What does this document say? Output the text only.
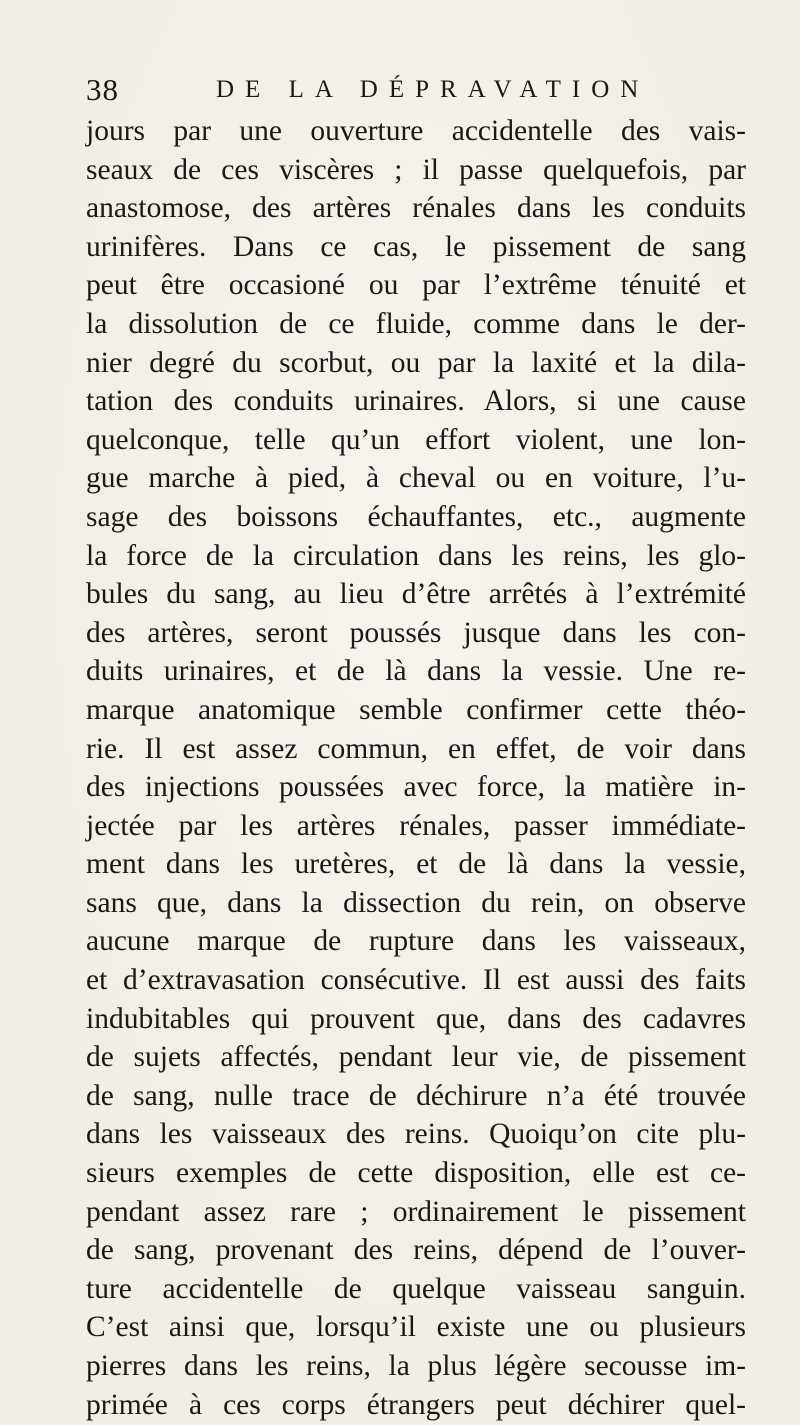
38	DE LA DÉPRAVATION
jours par une ouverture accidentelle des vais-
seaux de ces viscères ; il passe quelquefois, par
anastomose, des artères rénales dans les conduits
urinifères. Dans ce cas, le pissement de sang
peut être occasioné ou par l’extrême ténuité et
la dissolution de ce fluide, comme dans le der-
nier degré du scorbut, ou par la laxité et la dila-
tation des conduits urinaires. Alors, si une cause
quelconque, telle qu’un effort violent, une lon-
gue marche à pied, à cheval ou en voiture, l’u-
sage des boissons échauffantes, etc., augmente
la force de la circulation dans les reins, les glo-
bules du sang, au lieu d’être arrêtés à l’extrémité
des artères, seront poussés jusque dans les con-
duits urinaires, et de là dans la vessie. Une re-
marque anatomique semble confirmer cette théo-
rie. Il est assez commun, en effet, de voir dans
des injections poussées avec force, la matière in-
jectée par les artères rénales, passer immédiate-
ment dans les uretères, et de là dans la vessie,
sans que, dans la dissection du rein, on observe
aucune marque de rupture dans les vaisseaux,
et d’extravasation consécutive. Il est aussi des faits
indubitables qui prouvent que, dans des cadavres
de sujets affectés, pendant leur vie, de pissement
de sang, nulle trace de déchirure n’a été trouvée
dans les vaisseaux des reins. Quoiqu’on cite plu-
sieurs exemples de cette disposition, elle est ce-
pendant assez rare ; ordinairement le pissement
de sang, provenant des reins, dépend de l’ouver-
ture accidentelle de quelque vaisseau sanguin.
C’est ainsi que, lorsqu’il existe une ou plusieurs
pierres dans les reins, la plus légère secousse im-
primée à ces corps étrangers peut déchirer quel-
